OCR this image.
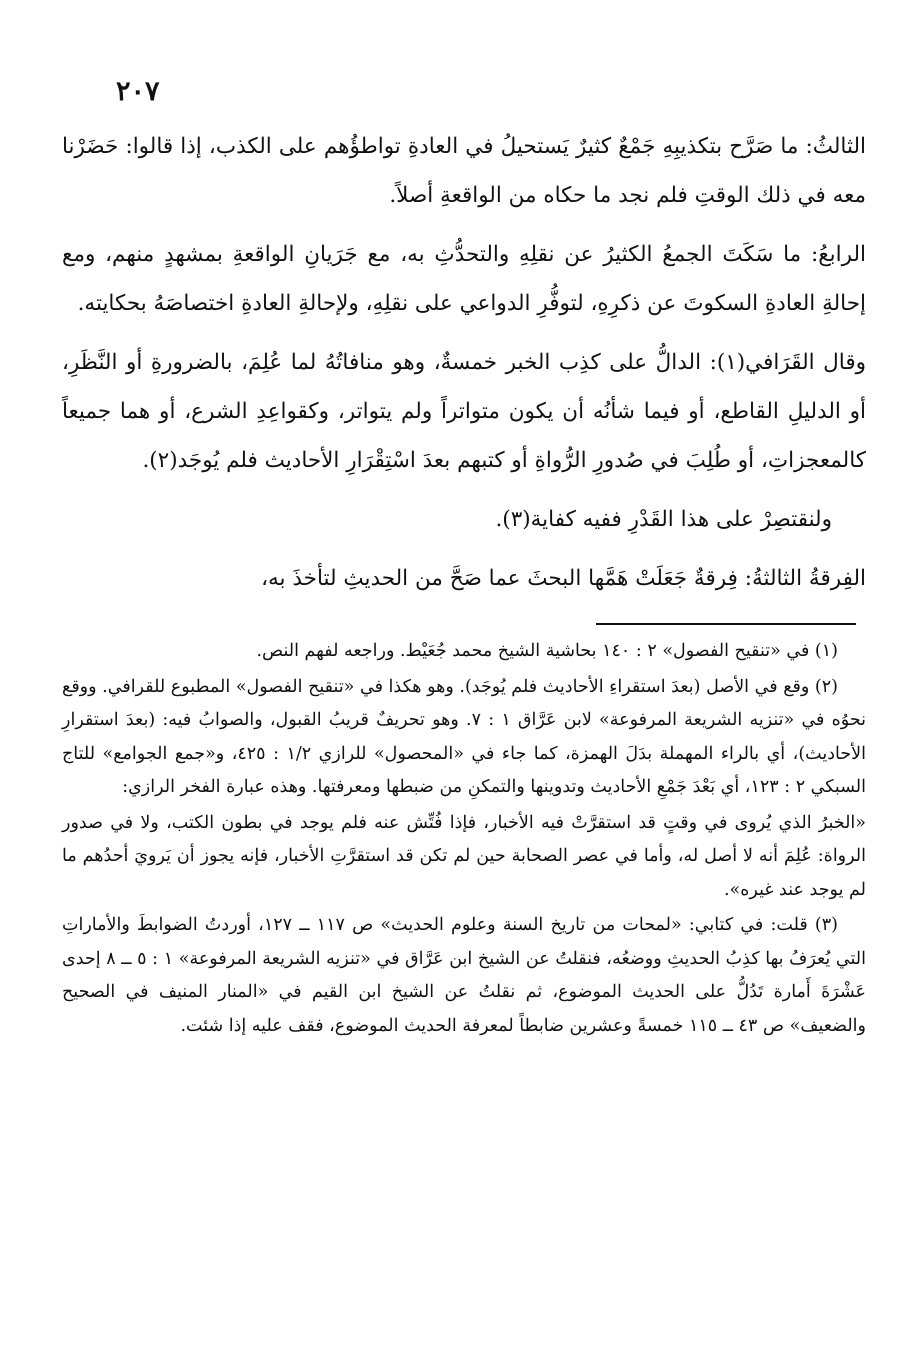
٢٠٧

الثالثُ: ما صَرَّح بتكذيبِهِ جَمْعٌ كثيرٌ يَستحيلُ في العادةِ تواطؤُهم على الكذب، إذا قالوا: حَضَرْنا معه في ذلك الوقتِ فلم نجد ما حكاه من الواقعةِ أصلاً.

الرابعُ: ما سَكَتَ الجمعُ الكثيرُ عن نقلِهِ والتحدُّثِ به، مع جَرَيانِ الواقعةِ بمشهدٍ منهم، ومع إحالةِ العادةِ السكوتَ عن ذكرِهِ، لتوفُّرِ الدواعي على نقلِهِ، ولإحالةِ العادةِ اختصاصَهُ بحكايته.

وقال القَرَافي(١): الدالُّ على كذِب الخبر خمسةٌ، وهو منافاتُهُ لما عُلِمَ، بالضرورةِ أو النَّظَرِ، أو الدليلِ القاطع، أو فيما شأنُه أن يكون متواتراً ولم يتواتر، وكقواعِدِ الشرع، أو هما جميعاً كالمعجزاتِ، أو طُلِبَ في صُدورِ الرُّواةِ أو كتبهم بعدَ اسْتِقْرَارِ الأحاديث فلم يُوجَد(٢).

ولنقتصِرْ على هذا القَدْرِ ففيه كفاية(٣).

الفِرقةُ الثالثةُ: فِرقةٌ جَعَلَتْ هَمَّها البحثَ عما صَحَّ من الحديثِ لتأخذَ به،

(١) في «تنقيح الفصول» ٢ : ١٤٠ بحاشية الشيخ محمد جُعَيْط. وراجعه لفهم النص.

(٢) وقع في الأصل (بعدَ استقراءِ الأحاديث فلم يُوجَد). وهو هكذا في «تنقيح الفصول» المطبوع للقرافي. ووقع نحوُه في «تنزيه الشريعة المرفوعة» لابن عَرَّاق ١ : ٧. وهو تحريفٌ قريبُ القبول، والصوابُ فيه: (بعدَ استقرارِ الأحاديث)، أي بالراء المهملة بدَلَ الهمزة، كما جاء في «المحصول» للرازي ١/٢ : ٤٢٥، و«جمع الجوامع» للتاج السبكي ٢ : ١٢٣، أي بَعْدَ جَمْعِ الأحاديث وتدوينها والتمكنِ من ضبطها ومعرفتها. وهذه عبارة الفخر الرازي:

«الخبرُ الذي يُروى في وقتٍ قد استقرَّتْ فيه الأخبار، فإذا فُتِّش عنه فلم يوجد في بطون الكتب، ولا في صدور الرواة: عُلِمَ أنه لا أصل له، وأما في عصر الصحابة حين لم تكن قد استقرَّتِ الأخبار، فإنه يجوز أن يَرويَ أحدُهم ما لم يوجد عند غيره».

(٣) قلت: في كتابي: «لمحات من تاريخ السنة وعلوم الحديث» ص ١١٧ ــ ١٢٧، أوردتُ الضوابطَ والأماراتِ التي يُعرَفُ بها كذِبُ الحديثِ ووضعُه، فنقلتُ عن الشيخ ابن عَرَّاق في «تنزيه الشريعة المرفوعة» ١ : ٥ ــ ٨ إحدى عَشْرَةَ أَمارة تَدُلُّ على الحديث الموضوع، ثم نقلتُ عن الشيخ ابن القيم في «المنار المنيف في الصحيح والضعيف» ص ٤٣ ــ ١١٥ خمسةً وعشرين ضابطاً لمعرفة الحديث الموضوع، فقف عليه إذا شئت.
